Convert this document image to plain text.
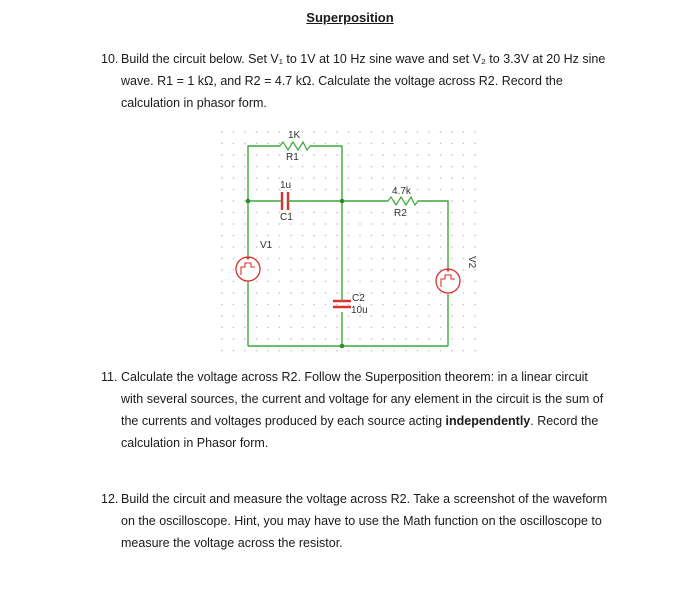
Superposition
10. Build the circuit below. Set V₁ to 1V at 10 Hz sine wave and set V₂ to 3.3V at 20 Hz sine
wave. R1 = 1 kΩ, and R2 = 4.7 kΩ. Calculate the voltage across R2. Record the
calculation in phasor form.
1K
R1
1u
C1
4.7k
R2
C2
10u
V1
V2
11. Calculate the voltage across R2. Follow the Superposition theorem: in a linear circuit
with several sources, the current and voltage for any element in the circuit is the sum of
the currents and voltages produced by each source acting independently. Record the
calculation in Phasor form.
12. Build the circuit and measure the voltage across R2. Take a screenshot of the waveform
on the oscilloscope. Hint, you may have to use the Math function on the oscilloscope to
measure the voltage across the resistor.
